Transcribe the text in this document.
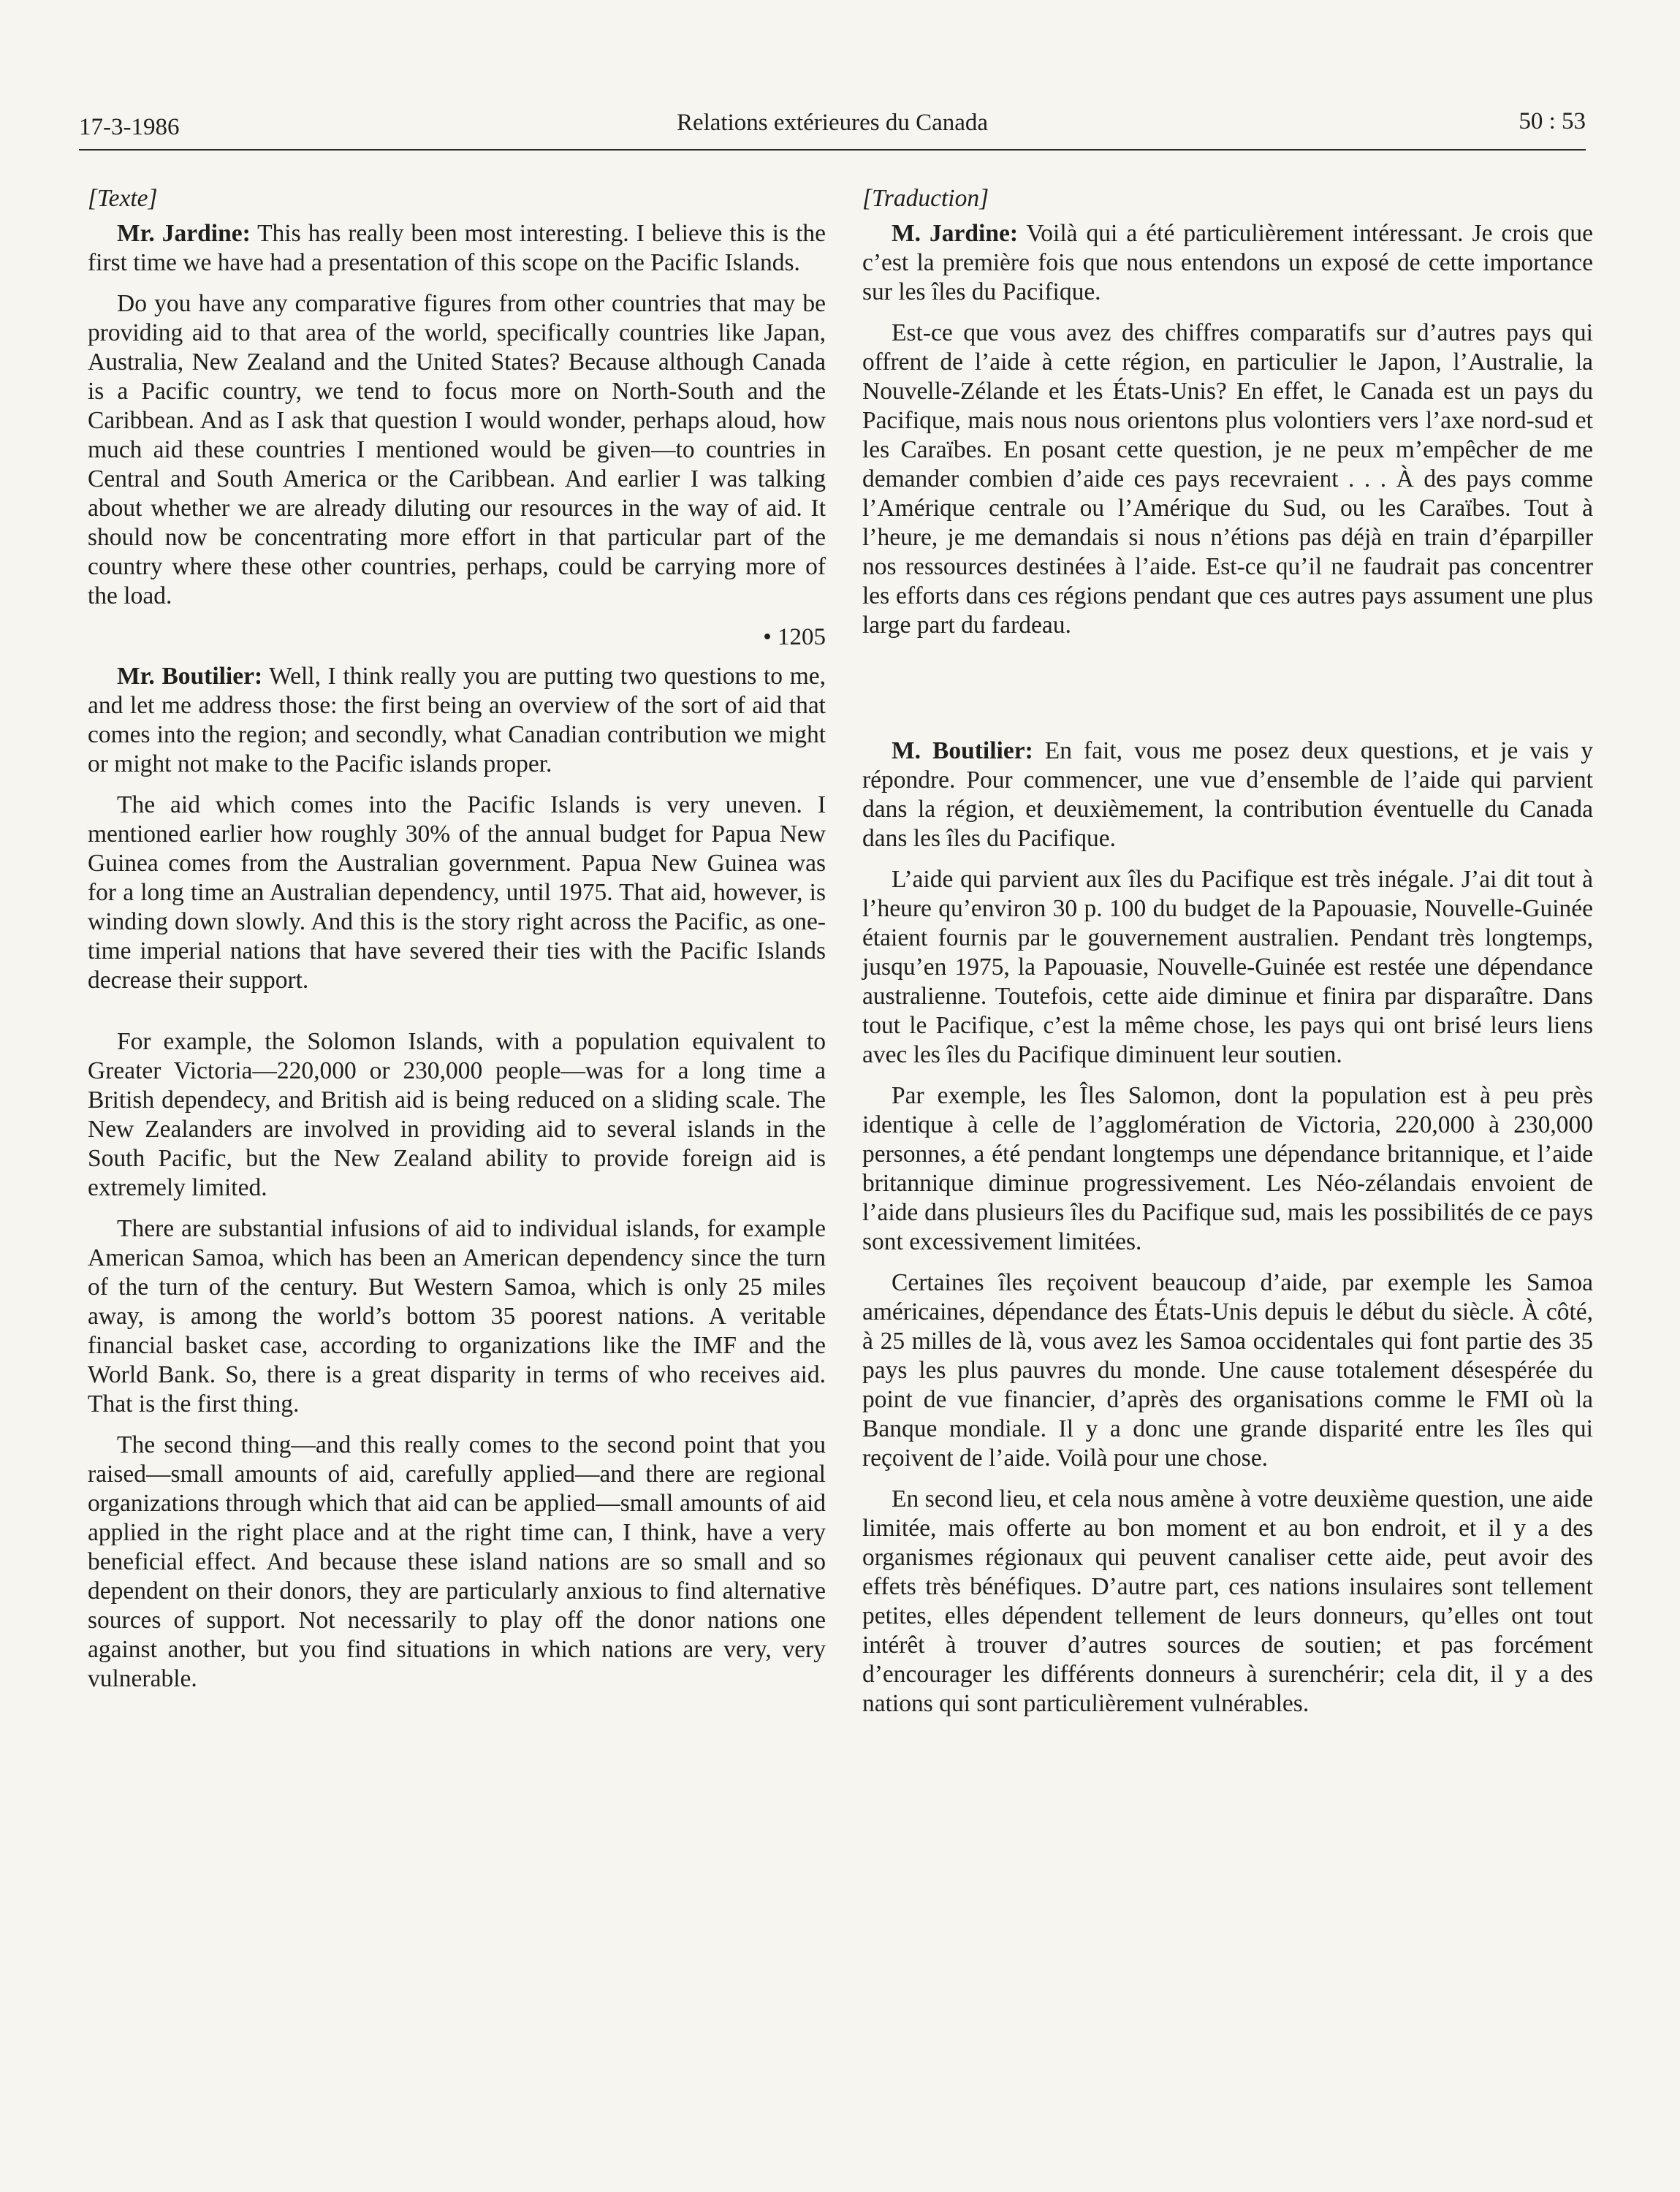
17-3-1986	Relations extérieures du Canada	50 : 53
[Texte]

Mr. Jardine: This has really been most interesting. I believe this is the first time we have had a presentation of this scope on the Pacific Islands.

Do you have any comparative figures from other countries that may be providing aid to that area of the world, specifically countries like Japan, Australia, New Zealand and the United States? Because although Canada is a Pacific country, we tend to focus more on North-South and the Caribbean. And as I ask that question I would wonder, perhaps aloud, how much aid these countries I mentioned would be given—to countries in Central and South America or the Caribbean. And earlier I was talking about whether we are already diluting our resources in the way of aid. It should now be concentrating more effort in that particular part of the country where these other countries, perhaps, could be carrying more of the load.

• 1205

Mr. Boutilier: Well, I think really you are putting two questions to me, and let me address those: the first being an overview of the sort of aid that comes into the region; and secondly, what Canadian contribution we might or might not make to the Pacific islands proper.

The aid which comes into the Pacific Islands is very uneven. I mentioned earlier how roughly 30% of the annual budget for Papua New Guinea comes from the Australian government. Papua New Guinea was for a long time an Australian dependency, until 1975. That aid, however, is winding down slowly. And this is the story right across the Pacific, as one-time imperial nations that have severed their ties with the Pacific Islands decrease their support.

For example, the Solomon Islands, with a population equivalent to Greater Victoria—220,000 or 230,000 people—was for a long time a British dependecy, and British aid is being reduced on a sliding scale. The New Zealanders are involved in providing aid to several islands in the South Pacific, but the New Zealand ability to provide foreign aid is extremely limited.

There are substantial infusions of aid to individual islands, for example American Samoa, which has been an American dependency since the turn of the turn of the century. But Western Samoa, which is only 25 miles away, is among the world’s bottom 35 poorest nations. A veritable financial basket case, according to organizations like the IMF and the World Bank. So, there is a great disparity in terms of who receives aid. That is the first thing.

The second thing—and this really comes to the second point that you raised—small amounts of aid, carefully applied—and there are regional organizations through which that aid can be applied—small amounts of aid applied in the right place and at the right time can, I think, have a very beneficial effect. And because these island nations are so small and so dependent on their donors, they are particularly anxious to find alternative sources of support. Not necessarily to play off the donor nations one against another, but you find situations in which nations are very, very vulnerable.

[Traduction]

M. Jardine: Voilà qui a été particulièrement intéressant. Je crois que c’est la première fois que nous entendons un exposé de cette importance sur les îles du Pacifique.

Est-ce que vous avez des chiffres comparatifs sur d’autres pays qui offrent de l’aide à cette région, en particulier le Japon, l’Australie, la Nouvelle-Zélande et les États-Unis? En effet, le Canada est un pays du Pacifique, mais nous nous orientons plus volontiers vers l’axe nord-sud et les Caraïbes. En posant cette question, je ne peux m’empêcher de me demander combien d’aide ces pays recevraient . . . À des pays comme l’Amérique centrale ou l’Amérique du Sud, ou les Caraïbes. Tout à l’heure, je me demandais si nous n’étions pas déjà en train d’éparpiller nos ressources destinées à l’aide. Est-ce qu’il ne faudrait pas concentrer les efforts dans ces régions pendant que ces autres pays assument une plus large part du fardeau.

M. Boutilier: En fait, vous me posez deux questions, et je vais y répondre. Pour commencer, une vue d’ensemble de l’aide qui parvient dans la région, et deuxièmement, la contribution éventuelle du Canada dans les îles du Pacifique.

L’aide qui parvient aux îles du Pacifique est très inégale. J’ai dit tout à l’heure qu’environ 30 p. 100 du budget de la Papouasie, Nouvelle-Guinée étaient fournis par le gouvernement australien. Pendant très longtemps, jusqu’en 1975, la Papouasie, Nouvelle-Guinée est restée une dépendance australienne. Toutefois, cette aide diminue et finira par disparaître. Dans tout le Pacifique, c’est la même chose, les pays qui ont brisé leurs liens avec les îles du Pacifique diminuent leur soutien.

Par exemple, les Îles Salomon, dont la population est à peu près identique à celle de l’agglomération de Victoria, 220,000 à 230,000 personnes, a été pendant longtemps une dépendance britannique, et l’aide britannique diminue progressivement. Les Néo-zélandais envoient de l’aide dans plusieurs îles du Pacifique sud, mais les possibilités de ce pays sont excessivement limitées.

Certaines îles reçoivent beaucoup d’aide, par exemple les Samoa américaines, dépendance des États-Unis depuis le début du siècle. À côté, à 25 milles de là, vous avez les Samoa occidentales qui font partie des 35 pays les plus pauvres du monde. Une cause totalement désespérée du point de vue financier, d’après des organisations comme le FMI où la Banque mondiale. Il y a donc une grande disparité entre les îles qui reçoivent de l’aide. Voilà pour une chose.

En second lieu, et cela nous amène à votre deuxième question, une aide limitée, mais offerte au bon moment et au bon endroit, et il y a des organismes régionaux qui peuvent canaliser cette aide, peut avoir des effets très bénéfiques. D’autre part, ces nations insulaires sont tellement petites, elles dépendent tellement de leurs donneurs, qu’elles ont tout intérêt à trouver d’autres sources de soutien; et pas forcément d’encourager les différents donneurs à surenchérir; cela dit, il y a des nations qui sont particulièrement vulnérables.
